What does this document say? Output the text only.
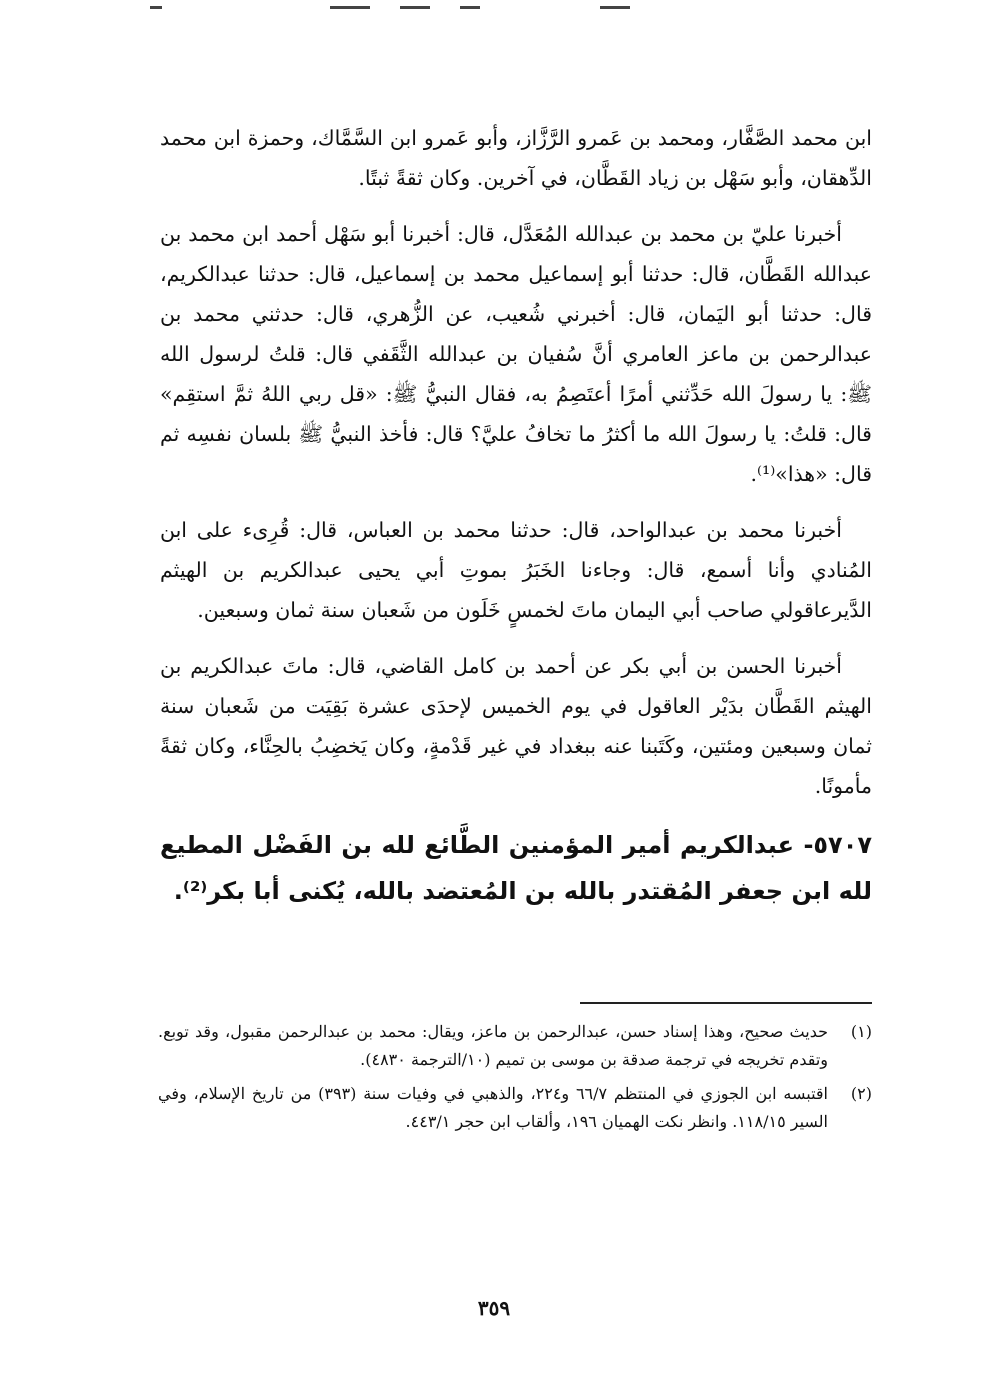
ابن محمد الصَّفَّار، ومحمد بن عَمرو الرَّزَّاز، وأبو عَمرو ابن السَّمَّاك، وحمزة ابن محمد الدِّهقان، وأبو سَهْل بن زياد القَطَّان، في آخرين. وكان ثقةً ثبتًا.

أخبرنا عليّ بن محمد بن عبدالله المُعَدَّل، قال: أخبرنا أبو سَهْل أحمد ابن محمد بن عبدالله القَطَّان، قال: حدثنا أبو إسماعيل محمد بن إسماعيل، قال: حدثنا عبدالكريم، قال: حدثنا أبو اليَمان، قال: أخبرني شُعيب، عن الزُّهري، قال: حدثني محمد بن عبدالرحمن بن ماعز العامري أنَّ سُفيان بن عبدالله الثَّقَفي قال: قلتُ لرسول الله ﷺ: يا رسولَ الله حَدِّثني أمرًا أعتَصِمُ به، فقال النبيُّ ﷺ: «قل ربي اللهُ ثمَّ استقِم» قال: قلتُ: يا رسولَ الله ما أكثرُ ما تخافُ عليَّ؟ قال: فأخذ النبيُّ ﷺ بلسان نفسِه ثم قال: «هذا»⁽¹⁾.

أخبرنا محمد بن عبدالواحد، قال: حدثنا محمد بن العباس، قال: قُرِىء على ابن المُنادي وأنا أسمع، قال: وجاءنا الخَبَرُ بموتِ أبي يحيى عبدالكريم بن الهيثم الدَّيرعاقولي صاحب أبي اليمان ماتَ لخمسٍ خَلَون من شَعبان سنة ثمان وسبعين.

أخبرنا الحسن بن أبي بكر عن أحمد بن كامل القاضي، قال: ماتَ عبدالكريم بن الهيثم القَطَّان بدَيْر العاقول في يوم الخميس لإحدَى عشرة بَقِيَت من شَعبان سنة ثمان وسبعين ومئتين، وكَتَبنا عنه ببغداد في غير قَدْمةٍ، وكان يَخضِبُ بالحِنَّاء، وكان ثقةً مأمونًا.

٥٧٠٧- عبدالكريم أمير المؤمنين الطَّائع لله بن الفَضْل المطيع لله ابن جعفر المُقتدر بالله بن المُعتضد بالله، يُكنى أبا بكر⁽²⁾.

(١)
حديث صحيح، وهذا إسناد حسن، عبدالرحمن بن ماعز، ويقال: محمد بن عبدالرحمن مقبول، وقد توبع. وتقدم تخريجه في ترجمة صدقة بن موسى بن تميم (١٠/الترجمة ٤٨٣٠).
(٢)
اقتبسه ابن الجوزي في المنتظم ٦٦/٧ و٢٢٤، والذهبي في وفيات سنة (٣٩٣) من تاريخ الإسلام، وفي السير ١١٨/١٥. وانظر نكت الهميان ١٩٦، وألقاب ابن حجر ٤٤٣/١.
٣٥٩
